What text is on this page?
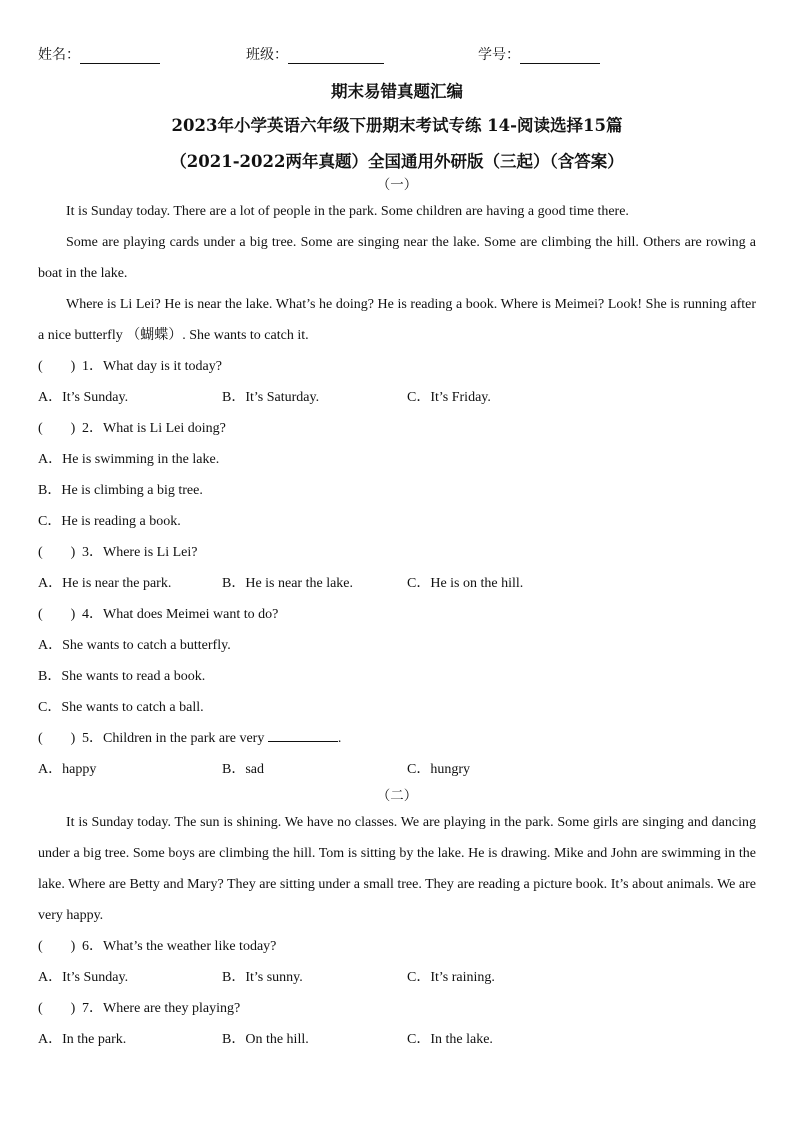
姓名：	班级：	学号：
期末易错真题汇编
2023年小学英语六年级下册期末考试专练 14-阅读选择15篇
（2021-2022两年真题）全国通用外研版（三起）（含答案）
（一）

It is Sunday today. There are a lot of people in the park. Some children are having a good time there.

Some are playing cards under a big tree. Some are singing near the lake. Some are climbing the hill. Others are rowing a boat in the lake.

Where is Li Lei? He is near the lake. What’s he doing? He is reading a book. Where is Meimei? Look! She is running after a nice butterfly （蝴蝶）. She wants to catch it.

(　　) 1．What day is it today?
A．It’s Sunday.	B．It’s Saturday.	C．It’s Friday.
(　　) 2．What is Li Lei doing?
A．He is swimming in the lake.
B．He is climbing a big tree.
C．He is reading a book.
(　　) 3．Where is Li Lei?
A．He is near the park.	B．He is near the lake.	C．He is on the hill.
(　　) 4．What does Meimei want to do?
A．She wants to catch a butterfly.
B．She wants to read a book.
C．She wants to catch a ball.
(　　) 5．Children in the park are very	.
A．happy	B．sad	C．hungry
（二）

It is Sunday today. The sun is shining. We have no classes. We are playing in the park. Some girls are singing and dancing under a big tree. Some boys are climbing the hill. Tom is sitting by the lake. He is drawing. Mike and John are swimming in the lake. Where are Betty and Mary? They are sitting under a small tree. They are reading a picture book. It’s about animals. We are very happy.

(　　) 6．What’s the weather like today?
A．It’s Sunday.	B．It’s sunny.	C．It’s raining.
(　　) 7．Where are they playing?
A．In the park.	B．On the hill.	C．In the lake.
